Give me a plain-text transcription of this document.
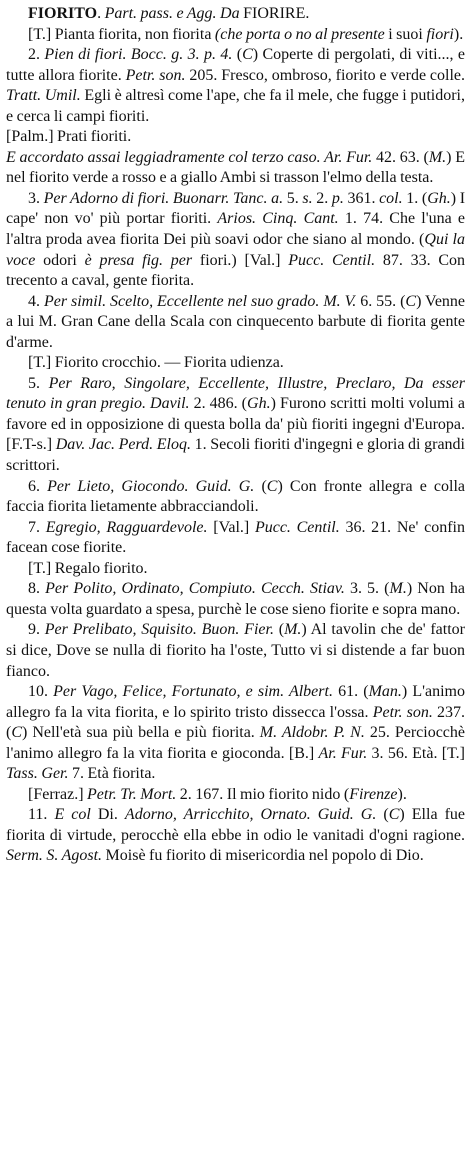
FIORITO. Part. pass. e Agg. Da FIORIRE.

[T.] Pianta fiorita, non fiorita (che porta o no al presente i suoi fiori).

2. Pien di fiori. Bocc. g. 3. p. 4. (C) Coperte di pergolati, di viti..., e tutte allora fiorite. Petr. son. 205. Fresco, ombroso, fiorito e verde colle. Tratt. Umil. Egli è altresì come l'ape, che fa il mele, che fugge i putidori, e cerca li campi fioriti.

[Palm.] Prati fioriti.

E accordato assai leggiadramente col terzo caso. Ar. Fur. 42. 63. (M.) E nel fiorito verde a rosso e a giallo Ambi si trasson l'elmo della testa.

3. Per Adorno di fiori. Buonarr. Tanc. a. 5. s. 2. p. 361. col. 1. (Gh.) I cape' non vo' più portar fioriti. Arios. Cinq. Cant. 1. 74. Che l'una e l'altra proda avea fiorita Dei più soavi odor che siano al mondo. (Qui la voce odori è presa fig. per fiori.) [Val.] Pucc. Centil. 87. 33. Con trecento a caval, gente fiorita.

4. Per simil. Scelto, Eccellente nel suo grado. M. V. 6. 55. (C) Venne a lui M. Gran Cane della Scala con cinquecento barbute di fiorita gente d'arme.

[T.] Fiorito crocchio. — Fiorita udienza.

5. Per Raro, Singolare, Eccellente, Illustre, Preclaro, Da esser tenuto in gran pregio. Davil. 2. 486. (Gh.) Furono scritti molti volumi a favore ed in opposizione di questa bolla da' più fioriti ingegni d'Europa. [F.T-s.] Dav. Jac. Perd. Eloq. 1. Secoli fioriti d'ingegni e gloria di grandi scrittori.

6. Per Lieto, Giocondo. Guid. G. (C) Con fronte allegra e colla faccia fiorita lietamente abbracciandoli.

7. Egregio, Ragguardevole. [Val.] Pucc. Centil. 36. 21. Ne' confin facean cose fiorite.

[T.] Regalo fiorito.

8. Per Polito, Ordinato, Compiuto. Cecch. Stiav. 3. 5. (M.) Non ha questa volta guardato a spesa, purchè le cose sieno fiorite e sopra mano.

9. Per Prelibato, Squisito. Buon. Fier. (M.) Al tavolin che de' fattor si dice, Dove se nulla di fiorito ha l'oste, Tutto vi si distende a far buon fianco.

10. Per Vago, Felice, Fortunato, e sim. Albert. 61. (Man.) L'animo allegro fa la vita fiorita, e lo spirito tristo dissecca l'ossa. Petr. son. 237. (C) Nell'età sua più bella e più fiorita. M. Aldobr. P. N. 25. Perciocchè l'animo allegro fa la vita fiorita e gioconda. [B.] Ar. Fur. 3. 56. Età. [T.] Tass. Ger. 7. Età fiorita.

[Ferraz.] Petr. Tr. Mort. 2. 167. Il mio fiorito nido (Firenze).

11. E col Di. Adorno, Arricchito, Ornato. Guid. G. (C) Ella fue fiorita di virtude, perocchè ella ebbe in odio le vanitadi d'ogni ragione. Serm. S. Agost. Moisè fu fiorito di misericordia nel popolo di Dio.
